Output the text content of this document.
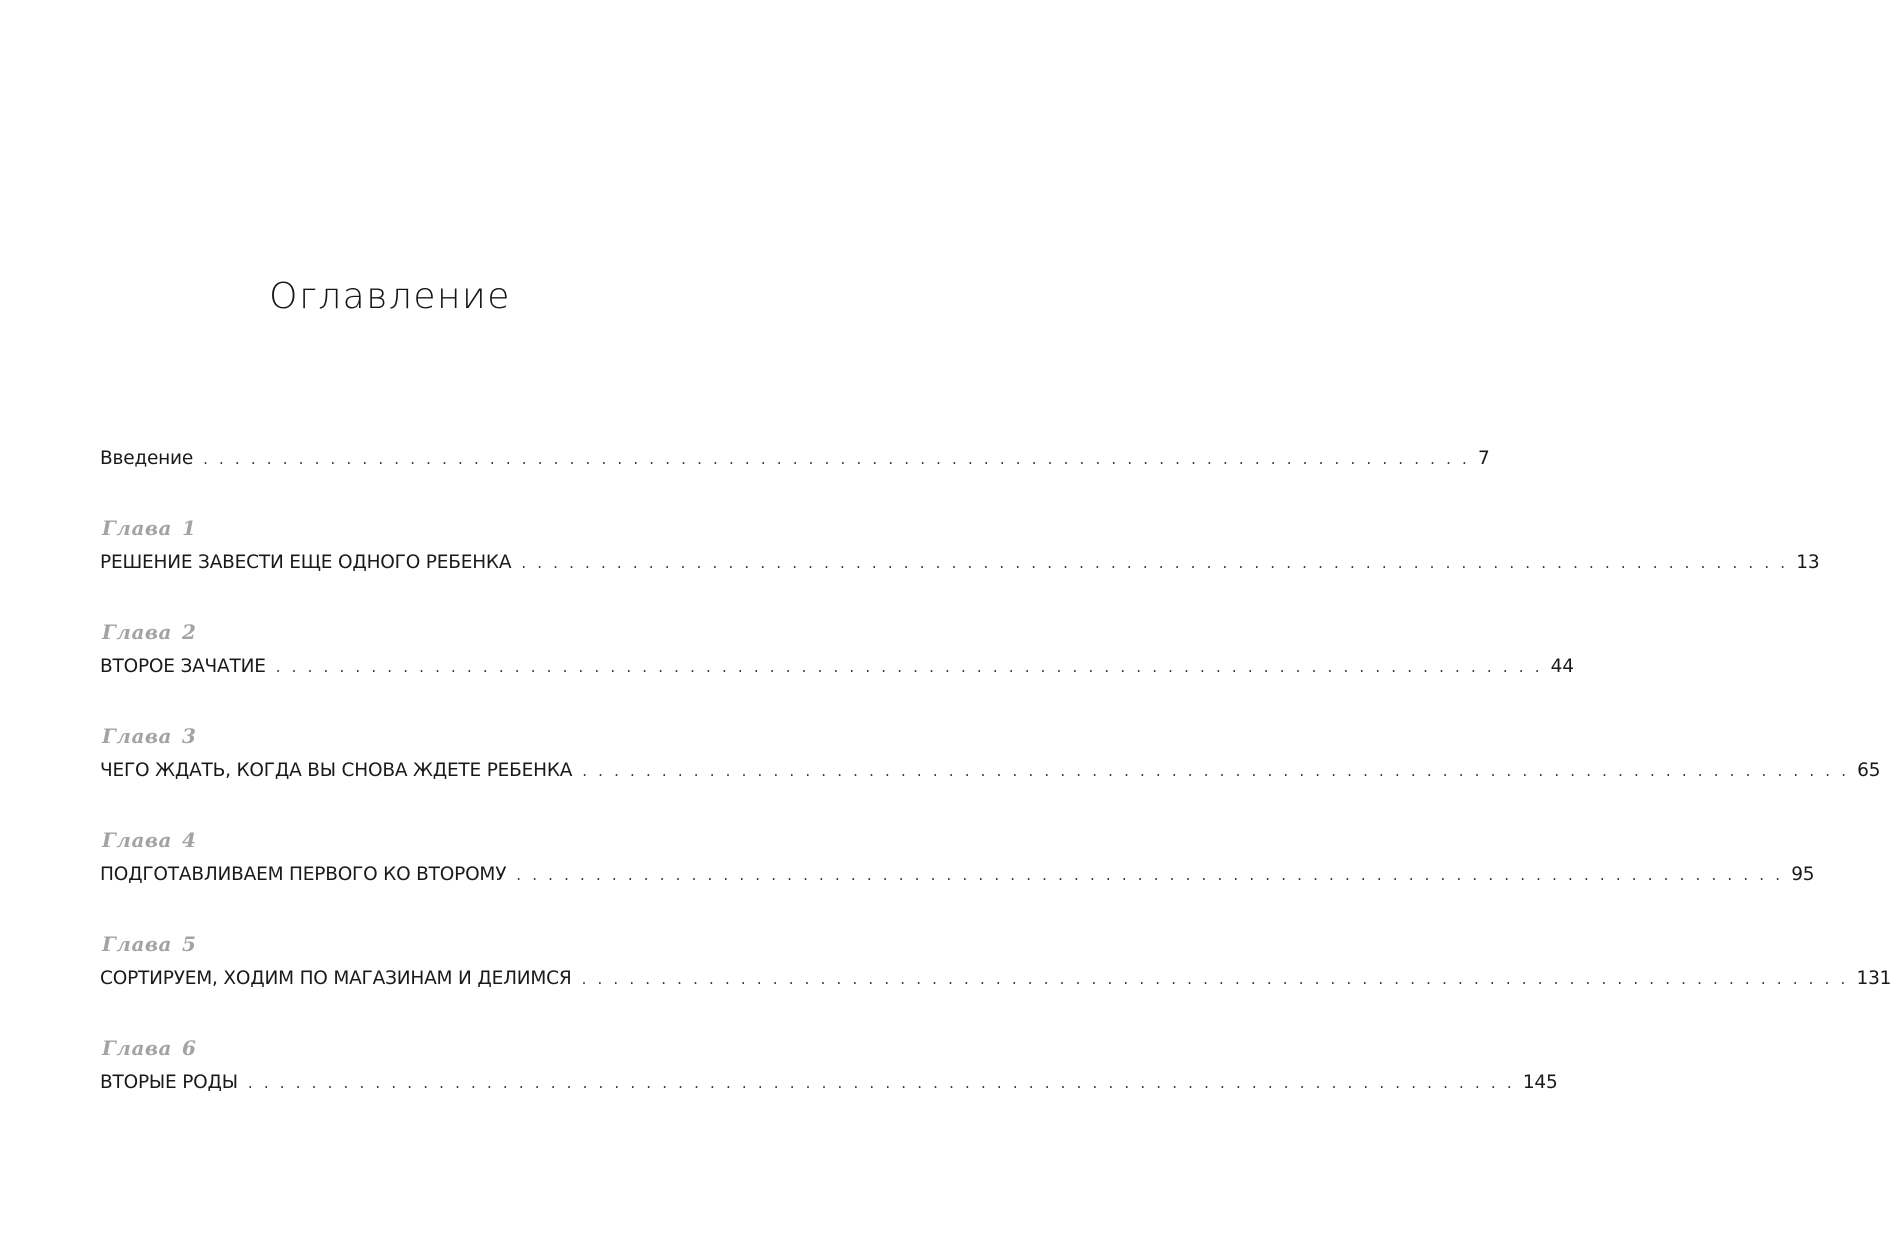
Оглавление
Введение . . . . . . . . . . . . . . . . . . . . . . . . . . . . . . . . . . . . . . . . . . . . . . . . . . . . . . . . . . . . . . . . . . . . . . . . . . . . . . . . 7
Глава 1
РЕШЕНИЕ ЗАВЕСТИ ЕЩЕ ОДНОГО РЕБЕНКА . . . . . . . . . . . . . . . . . . . . . . . . . . . . . . . . . . . . . . . . . . . . . . . . . . . . . . . . . . . . . . . . . . . . . . . . . . . . . . . . 13
Глава 2
ВТОРОЕ ЗАЧАТИЕ . . . . . . . . . . . . . . . . . . . . . . . . . . . . . . . . . . . . . . . . . . . . . . . . . . . . . . . . . . . . . . . . . . . . . . . . . . . . . . . . 44
Глава 3
ЧЕГО ЖДАТЬ, КОГДА ВЫ СНОВА ЖДЕТЕ РЕБЕНКА . . . . . . . . . . . . . . . . . . . . . . . . . . . . . . . . . . . . . . . . . . . . . . . . . . . . . . . . . . . . . . . . . . . . . . . . . . . . . . . . 65
Глава 4
ПОДГОТАВЛИВАЕМ ПЕРВОГО КО ВТОРОМУ . . . . . . . . . . . . . . . . . . . . . . . . . . . . . . . . . . . . . . . . . . . . . . . . . . . . . . . . . . . . . . . . . . . . . . . . . . . . . . . . 95
Глава 5
СОРТИРУЕМ, ХОДИМ ПО МАГАЗИНАМ И ДЕЛИМСЯ . . . . . . . . . . . . . . . . . . . . . . . . . . . . . . . . . . . . . . . . . . . . . . . . . . . . . . . . . . . . . . . . . . . . . . . . . . . . . . . . 131
Глава 6
ВТОРЫЕ РОДЫ . . . . . . . . . . . . . . . . . . . . . . . . . . . . . . . . . . . . . . . . . . . . . . . . . . . . . . . . . . . . . . . . . . . . . . . . . . . . . . . . 145
